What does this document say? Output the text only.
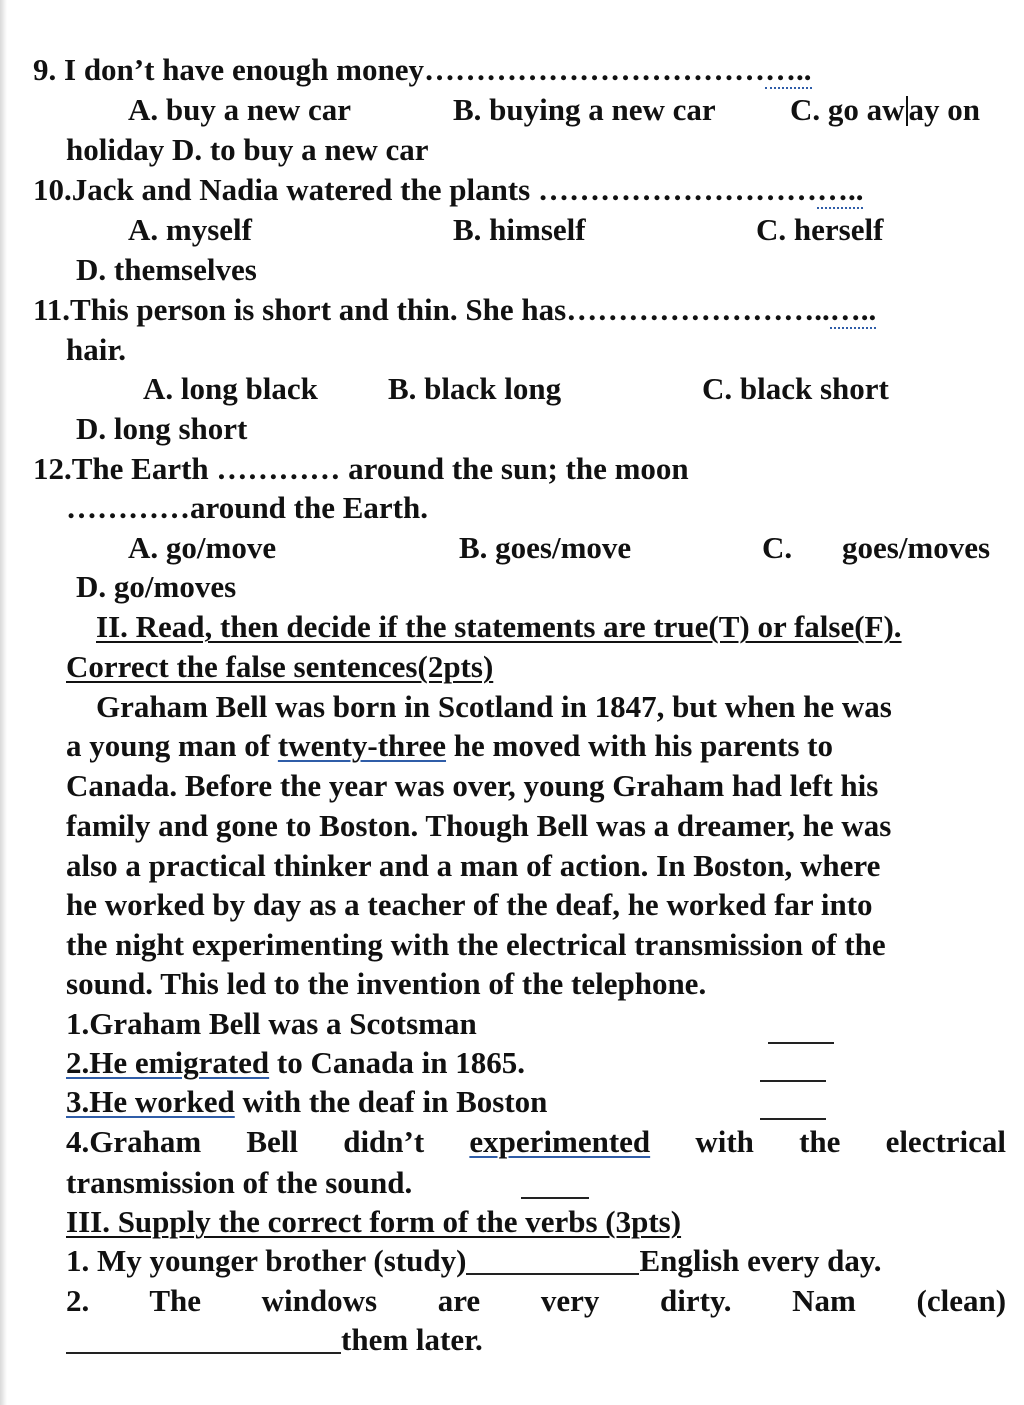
9. I don’t have enough money………………………………..
A. buy a new car	B. buying a new car C. go aw ay on
holiday D. to buy a new car
10.Jack and Nadia watered the plants …………………………..
A. myself	B. himself	C. herself
D. themselves
11.This person is short and thin. She has……………………..…..
hair.
A. long black B. black long	C. black short
D. long short
12.The Earth ………… around the sun; the moon
…………around the Earth.
A. go/move	B. goes/move	C. goes/moves
D. go/moves
II. Read, then decide if the statements are true(T) or false(F).
Correct the false sentences(2pts)
Graham Bell was born in Scotland in 1847, but when he was
a young man of twenty-three he moved with his parents to
Canada. Before the year was over, young Graham had left his
family and gone to Boston. Though Bell was a dreamer, he was
also a practical thinker and a man of action. In Boston, where
he worked by day as a teacher of the deaf, he worked far into
the night experimenting with the electrical transmission of the
sound. This led to the invention of the telephone.
1.Graham Bell was a Scotsman
2.He emigrated to Canada in 1865.
3.He worked with the deaf in Boston
4.Graham Bell didn’t experimented with the electrical
transmission of the sound.
III. Supply the correct form of the verbs (3pts)
1. My younger brother (study)	English every day.
2. The windows are very dirty. Nam (clean)
them later.
